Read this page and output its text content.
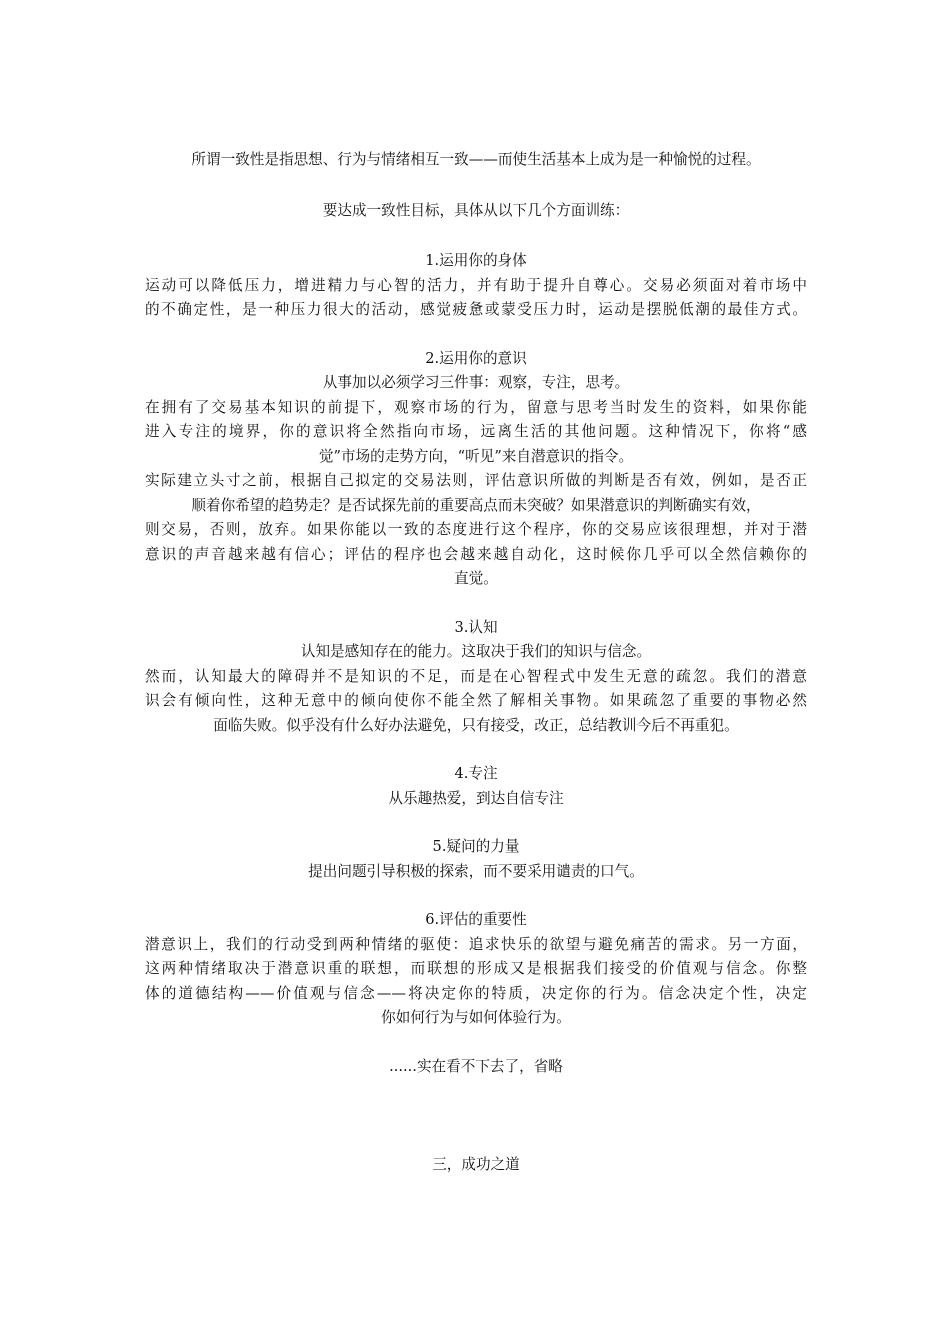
所谓一致性是指思想、行为与情绪相互一致——而使生活基本上成为是一种愉悦的过程。
要达成一致性目标，具体从以下几个方面训练：
1.运用你的身体
运动可以降低压力，增进精力与心智的活力，并有助于提升自尊心。交易必须面对着市场中
的不确定性，是一种压力很大的活动，感觉疲惫或蒙受压力时，运动是摆脱低潮的最佳方式。
2.运用你的意识
从事加以必须学习三件事：观察，专注，思考。
在拥有了交易基本知识的前提下，观察市场的行为，留意与思考当时发生的资料，如果你能
进入专注的境界，你的意识将全然指向市场，远离生活的其他问题。这种情况下，你将“感
觉”市场的走势方向，“听见”来自潜意识的指令。
实际建立头寸之前，根据自己拟定的交易法则，评估意识所做的判断是否有效，例如，是否正
顺着你希望的趋势走？是否试探先前的重要高点而未突破？如果潜意识的判断确实有效，
则交易，否则，放弃。如果你能以一致的态度进行这个程序，你的交易应该很理想，并对于潜
意识的声音越来越有信心；评估的程序也会越来越自动化，这时候你几乎可以全然信赖你的
直觉。
3.认知
认知是感知存在的能力。这取决于我们的知识与信念。
然而，认知最大的障碍并不是知识的不足，而是在心智程式中发生无意的疏忽。我们的潜意
识会有倾向性，这种无意中的倾向使你不能全然了解相关事物。如果疏忽了重要的事物必然
面临失败。似乎没有什么好办法避免，只有接受，改正，总结教训今后不再重犯。
4.专注
从乐趣热爱，到达自信专注
5.疑问的力量
提出问题引导积极的探索，而不要采用谴责的口气。
6.评估的重要性
潜意识上，我们的行动受到两种情绪的驱使：追求快乐的欲望与避免痛苦的需求。另一方面，
这两种情绪取决于潜意识重的联想，而联想的形成又是根据我们接受的价值观与信念。你整
体的道德结构——价值观与信念——将决定你的特质，决定你的行为。信念决定个性，决定
你如何行为与如何体验行为。
......实在看不下去了，省略
三，成功之道
